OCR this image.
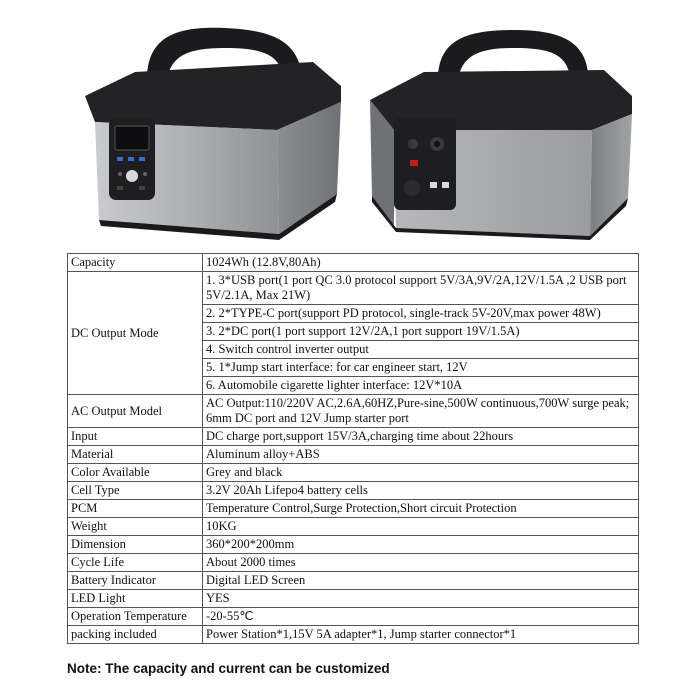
Capacity	1024Wh (12.8V,80Ah)
DC Output Mode	1. 3*USB port(1 port QC 3.0 protocol support 5V/3A,9V/2A,12V/1.5A ,2 USB port 5V/2.1A, Max 21W)
	2. 2*TYPE-C port(support PD protocol, single-track 5V-20V,max power 48W)
	3. 2*DC port(1 port support 12V/2A,1 port support 19V/1.5A)
	4. Switch control inverter output
	5. 1*Jump start interface: for car engineer start, 12V
	6. Automobile cigarette lighter interface: 12V*10A
AC Output Model	AC Output:110/220V AC,2.6A,60HZ,Pure-sine,500W continuous,700W surge peak; 6mm DC port and 12V Jump starter port
Input	DC charge port,support 15V/3A,charging time about 22hours
Material	Aluminum alloy+ABS
Color Available	Grey and black
Cell Type	3.2V 20Ah Lifepo4 battery cells
PCM	Temperature Control,Surge Protection,Short circuit Protection
Weight	10KG
Dimension	360*200*200mm
Cycle Life	About 2000 times
Battery Indicator	Digital LED Screen
LED Light	YES
Operation Temperature	-20-55℃
packing included	Power Station*1,15V 5A adapter*1, Jump starter connector*1
Note: The capacity and current can be customized
